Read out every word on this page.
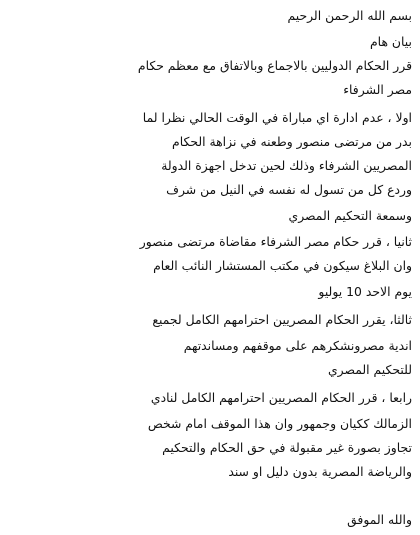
بسم الله الرحمن الرحيم
بيان هام
قرر الحكام الدوليين بالاجماع وبالاتفاق مع معظم حكام
مصر الشرفاء
اولا ، عدم ادارة اي مباراة في الوقت الحالي نظرا لما
بدر من مرتضى منصور وطعنه في نزاهة الحكام
المصريين الشرفاء وذلك لحين تدخل اجهزة الدولة
وردع كل من تسول له نفسه في النيل من شرف
وسمعة التحكيم المصري
ثانيا ، قرر حكام مصر الشرفاء مقاضاة مرتضى منصور
وان البلاغ سيكون في مكتب المستشار النائب العام
يوم الاحد 10 يوليو
ثالثا، يقرر الحكام المصريين احترامهم الكامل لجميع
اندية مصرونشكرهم على موقفهم ومساندتهم
للتحكيم المصري
رابعا ، قرر الحكام المصريين احترامهم الكامل لنادي
الزمالك ككيان وجمهور وان هذا الموقف امام شخص
تجاوز بصورة غير مقبولة في حق الحكام والتحكيم
والرياضة المصرية بدون دليل او سند
والله الموفق
